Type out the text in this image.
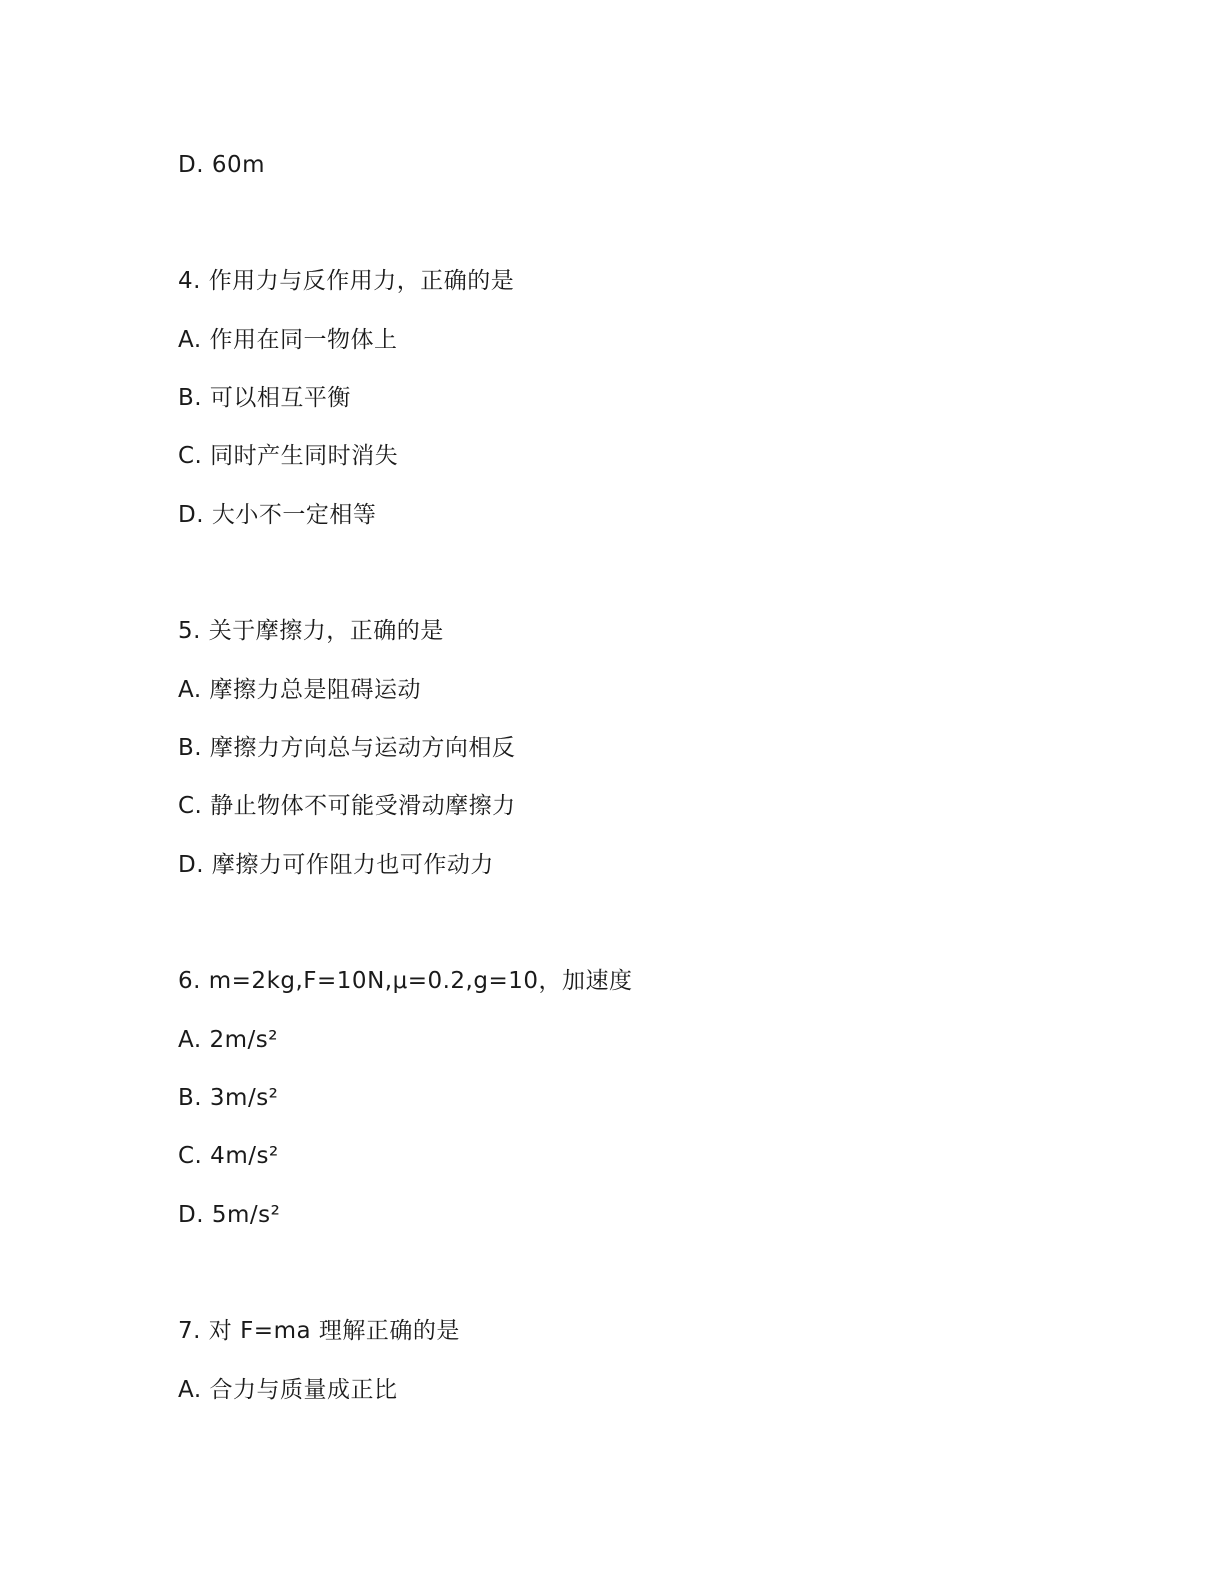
D. 60m
4. 作用力与反作用力，正确的是
A. 作用在同一物体上
B. 可以相互平衡
C. 同时产生同时消失
D. 大小不一定相等
5. 关于摩擦力，正确的是
A. 摩擦力总是阻碍运动
B. 摩擦力方向总与运动方向相反
C. 静止物体不可能受滑动摩擦力
D. 摩擦力可作阻力也可作动力
6. m=2kg,F=10N,μ=0.2,g=10，加速度
A. 2m/s²
B. 3m/s²
C. 4m/s²
D. 5m/s²
7. 对 F=ma 理解正确的是
A. 合力与质量成正比
